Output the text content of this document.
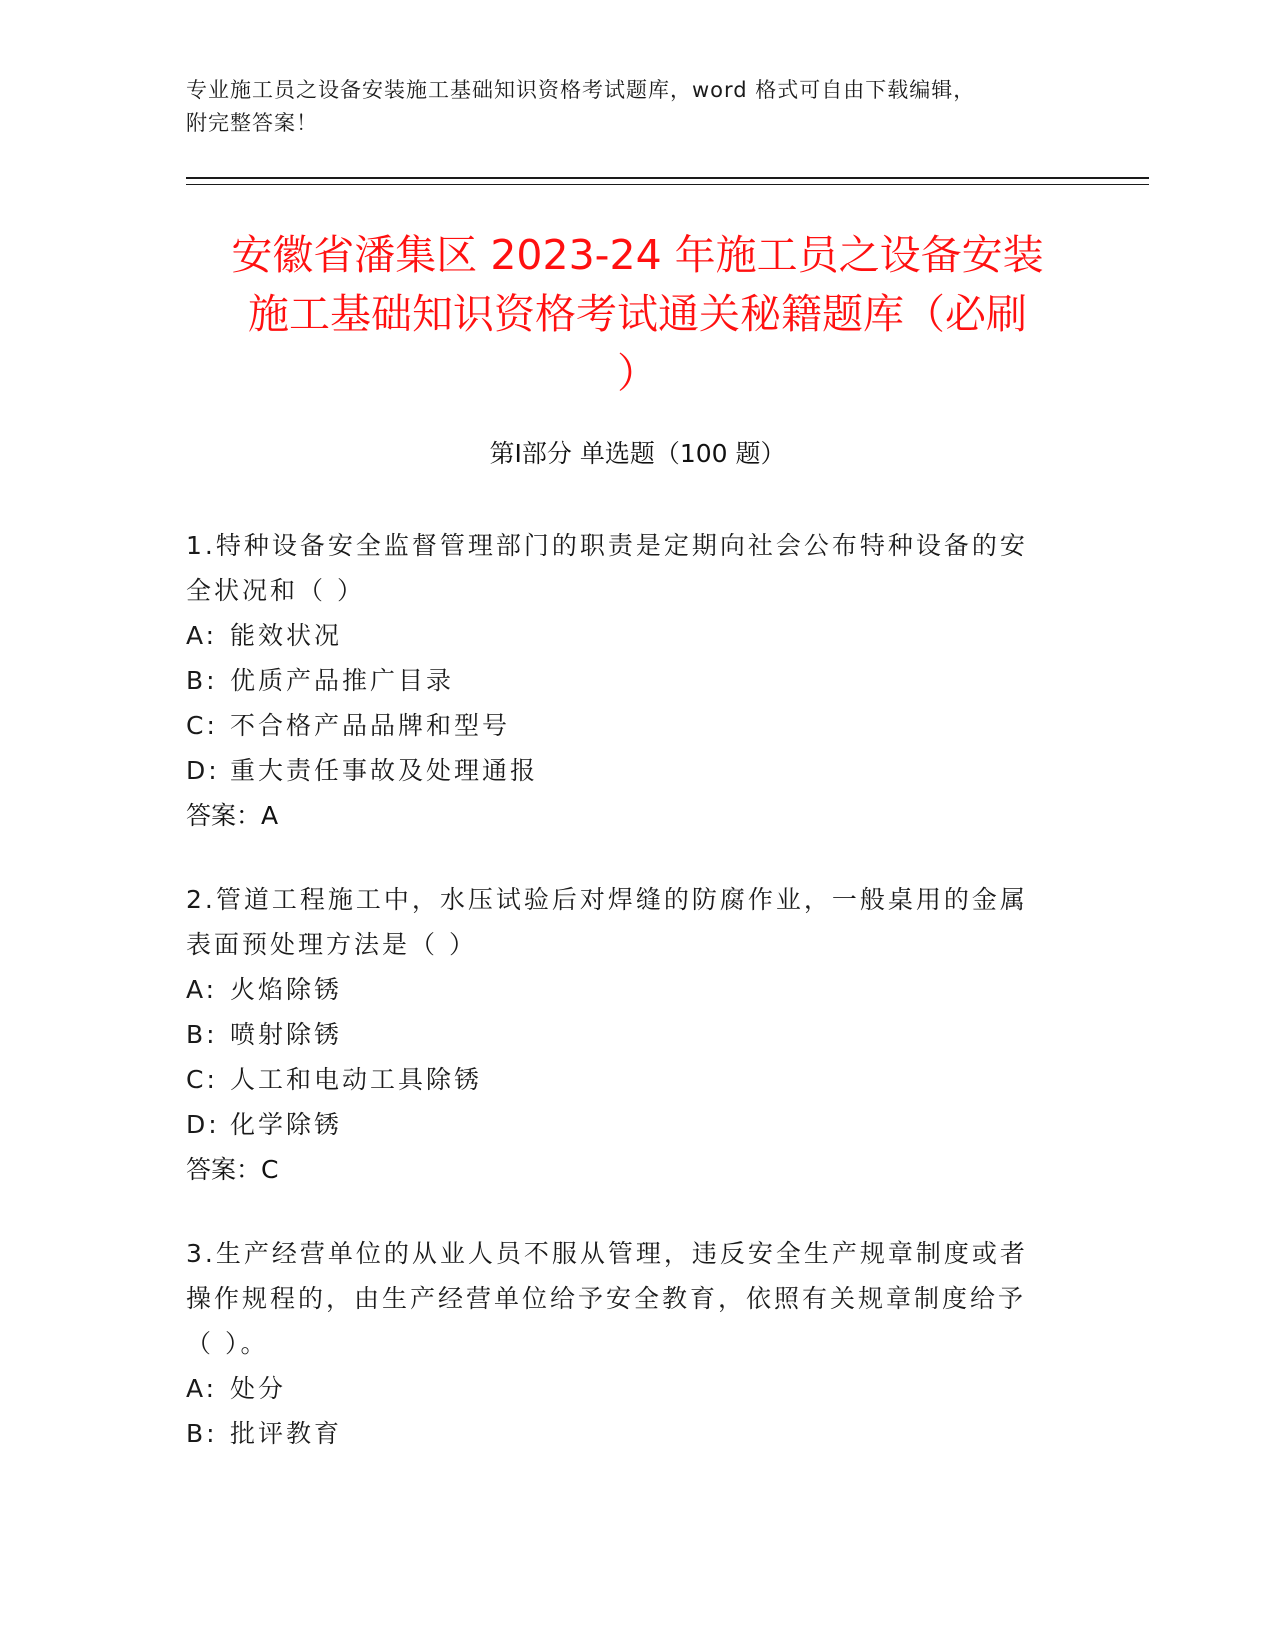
专业施工员之设备安装施工基础知识资格考试题库，word 格式可自由下载编辑，
附完整答案！
安徽省潘集区 2023-24 年施工员之设备安装
施工基础知识资格考试通关秘籍题库（必刷
）
第Ⅰ部分 单选题（100 题）
1.特种设备安全监督管理部门的职责是定期向社会公布特种设备的安
全状况和（ ）
A: 能效状况
B: 优质产品推广目录
C: 不合格产品品牌和型号
D: 重大责任事故及处理通报
答案：A
2.管道工程施工中，水压试验后对焊缝的防腐作业，一般桌用的金属
表面预处理方法是（ ）
A: 火焰除锈
B: 喷射除锈
C: 人工和电动工具除锈
D: 化学除锈
答案：C
3.生产经营单位的从业人员不服从管理，违反安全生产规章制度或者
操作规程的，由生产经营单位给予安全教育，依照有关规章制度给予
（ ）。
A: 处分
B: 批评教育
